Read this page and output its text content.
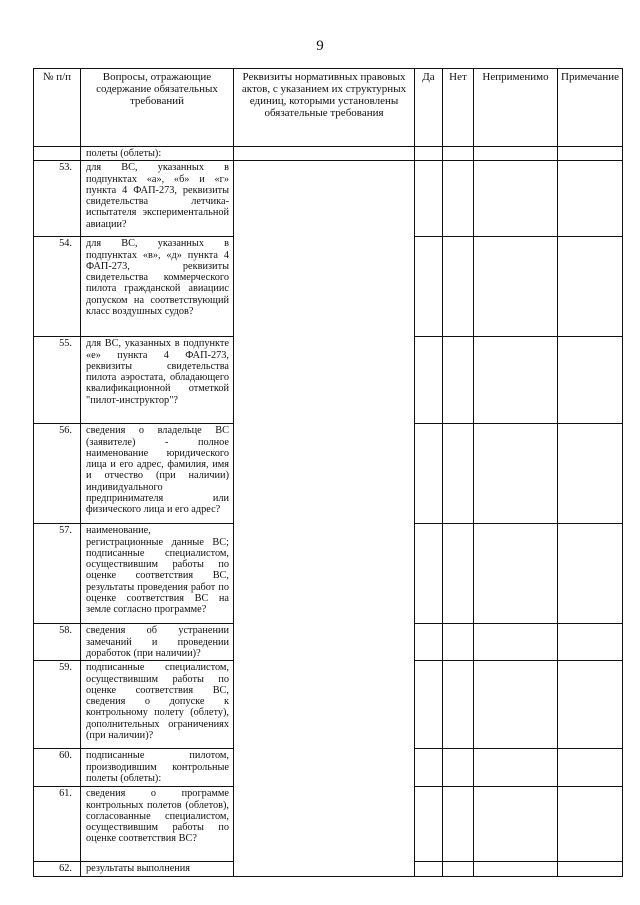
9
№ п/п	Вопросы, отражающие содержание обязательных требований	Реквизиты нормативных правовых актов, с указанием их структурных единиц, которыми установлены обязательные требования	Да	Нет	Неприменимо	Примечание
	полеты (облеты):					
53.	для ВС, указанных в подпунктах «а», «б» и «г» пункта 4 ФАП-273, реквизиты свидетельства летчика-испытателя экспериментальной авиации?					
54.	для ВС, указанных в подпунктах «в», «д» пункта 4 ФАП-273, реквизиты свидетельства коммерческого пилота гражданской авиациис допуском на соответствующий класс воздушных судов?					
55.	для ВС, указанных в подпункте «е» пункта 4 ФАП-273, реквизиты свидетельства пилота аэростата, обладающего квалификационной отметкой "пилот-инструктор"?					
56.	сведения о владельце ВС (заявителе) - полное наименование юридического лица и его адрес, фамилия, имя и отчество (при наличии) индивидуального предпринимателя или физического лица и его адрес?					
57.	наименование, регистрационные данные ВС; подписанные специалистом, осуществившим работы по оценке соответствия ВС, результаты проведения работ по оценке соответствия ВС на земле согласно программе?					
58.	сведения об устранении замечаний и проведении доработок (при наличии)?					
59.	подписанные специалистом, осуществившим работы по оценке соответствия ВС, сведения о допуске к контрольному полету (облету), дополнительных ограничениях (при наличии)?					
60.	подписанные пилотом, производившим контрольные полеты (облеты):					
61.	сведения о программе контрольных полетов (облетов), согласованные специалистом, осуществившим работы по оценке соответствия ВС?					
62.	результаты выполнения					
